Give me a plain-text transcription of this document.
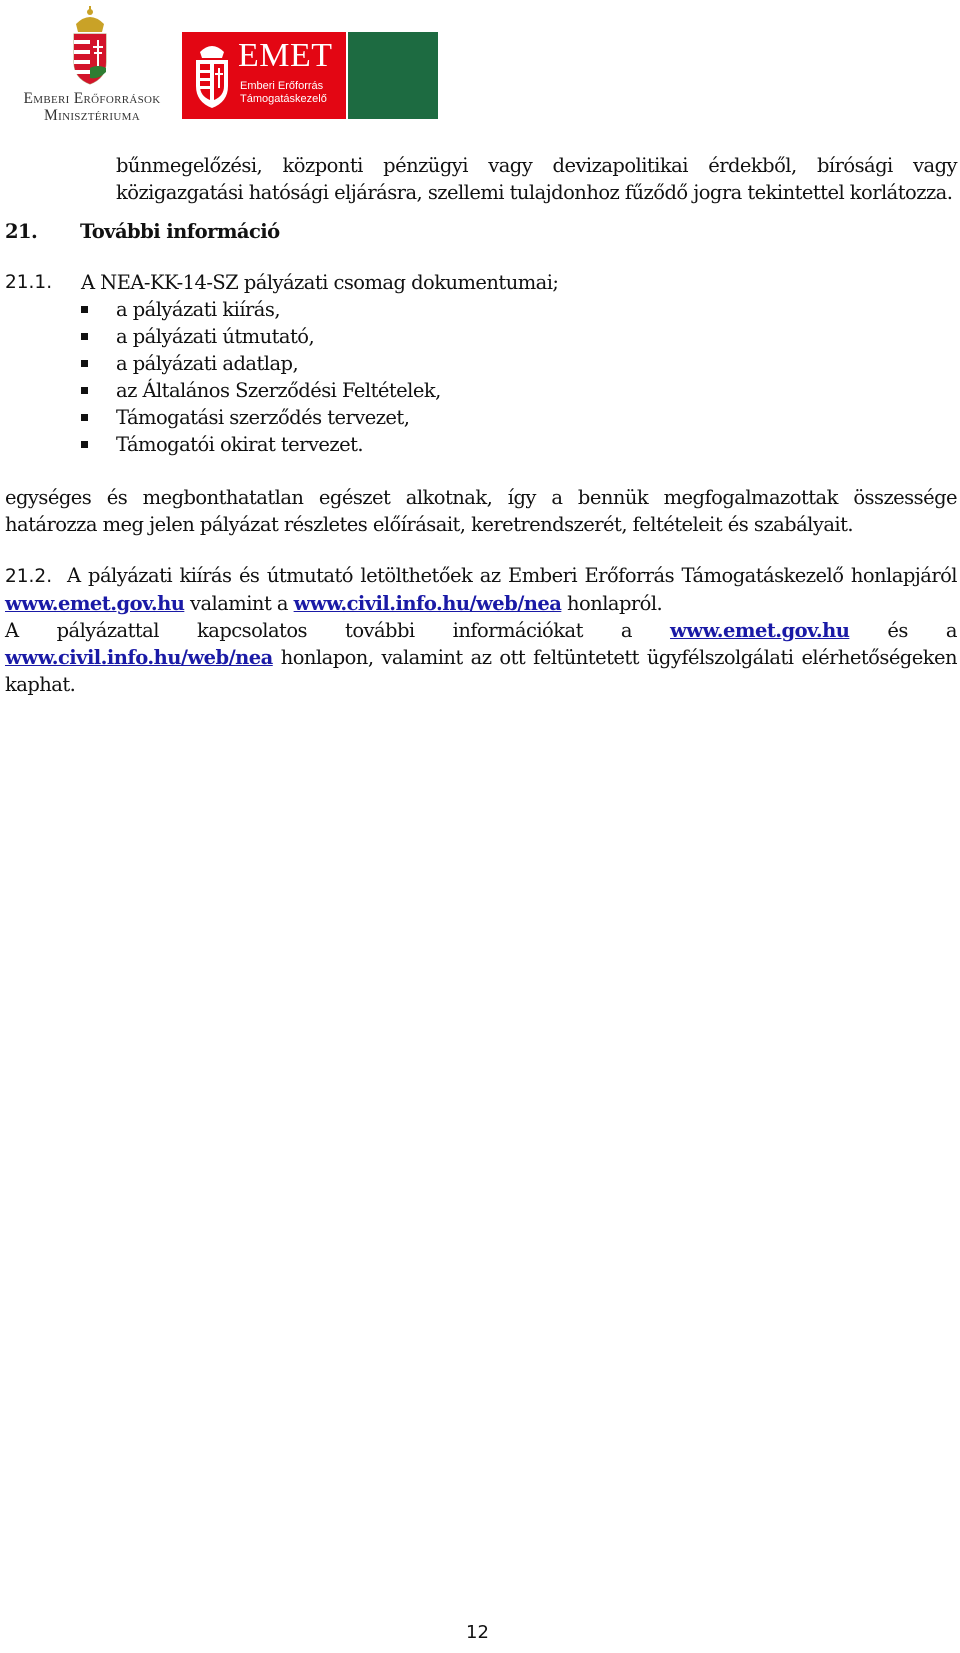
Emberi Erőforrások
Minisztériuma
EMET
Emberi Erőforrás
Támogatáskezelő

bűnmegelőzési, központi pénzügyi vagy devizapolitikai érdekből, bírósági vagy közigazgatási hatósági eljárásra, szellemi tulajdonhoz fűződő jogra tekintettel korlátozza.

21. További információ
21.1. A NEA-KK-14-SZ pályázati csomag dokumentumai;
a pályázati kiírás,
a pályázati útmutató,
a pályázati adatlap,
az Általános Szerződési Feltételek,
Támogatási szerződés tervezet,
Támogatói okirat tervezet.

egységes és megbonthatatlan egészet alkotnak, így a bennük megfogalmazottak összessége határozza meg jelen pályázat részletes előírásait, keretrendszerét, feltételeit és szabályait.

21.2. A pályázati kiírás és útmutató letölthetőek az Emberi Erőforrás Támogatáskezelő honlapjáról www.emet.gov.hu valamint a www.civil.info.hu/web/nea honlapról.

A pályázattal kapcsolatos további információkat a www.emet.gov.hu és a www.civil.info.hu/web/nea honlapon, valamint az ott feltüntetett ügyfélszolgálati elérhetőségeken kaphat.

12
